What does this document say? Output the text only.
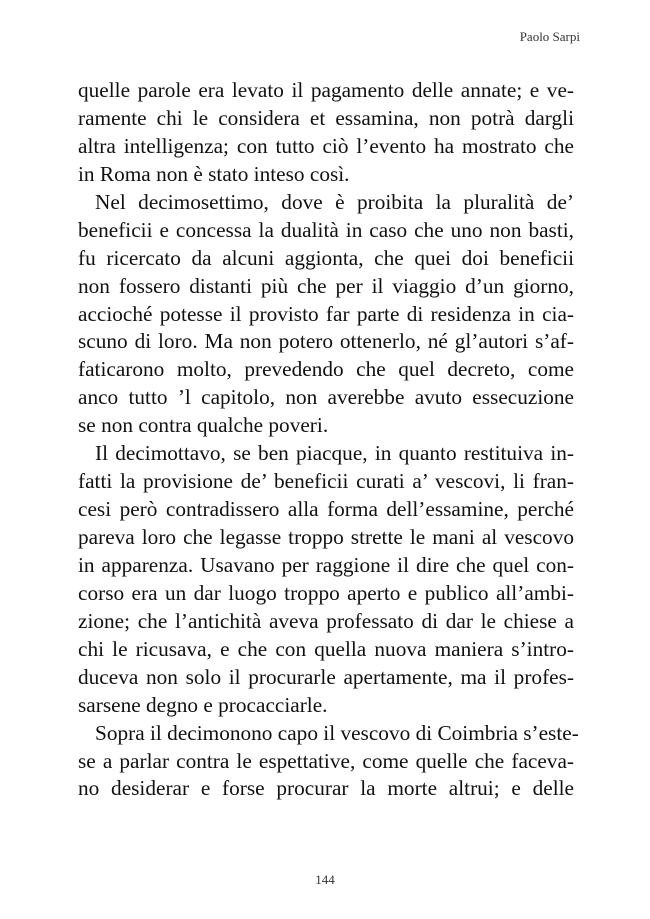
Paolo Sarpi
quelle parole era levato il pagamento delle annate; e ve-
ramente chi le considera et essamina, non potrà dargli
altra intelligenza; con tutto ciò l’evento ha mostrato che
in Roma non è stato inteso così.
Nel decimosettimo, dove è proibita la pluralità de’
beneficii e concessa la dualità in caso che uno non basti,
fu ricercato da alcuni aggionta, che quei doi beneficii
non fossero distanti più che per il viaggio d’un giorno,
accioché potesse il provisto far parte di residenza in cia-
scuno di loro. Ma non potero ottenerlo, né gl’autori s’af-
faticarono molto, prevedendo che quel decreto, come
anco tutto ’l capitolo, non averebbe avuto essecuzione
se non contra qualche poveri.
Il decimottavo, se ben piacque, in quanto restituiva in-
fatti la provisione de’ beneficii curati a’ vescovi, li fran-
cesi però contradissero alla forma dell’essamine, perché
pareva loro che legasse troppo strette le mani al vescovo
in apparenza. Usavano per raggione il dire che quel con-
corso era un dar luogo troppo aperto e publico all’ambi-
zione; che l’antichità aveva professato di dar le chiese a
chi le ricusava, e che con quella nuova maniera s’intro-
duceva non solo il procurarle apertamente, ma il profes-
sarsene degno e procacciarle.
Sopra il decimonono capo il vescovo di Coimbria s’este-
se a parlar contra le espettative, come quelle che faceva-
no desiderar e forse procurar la morte altrui; e delle
144
